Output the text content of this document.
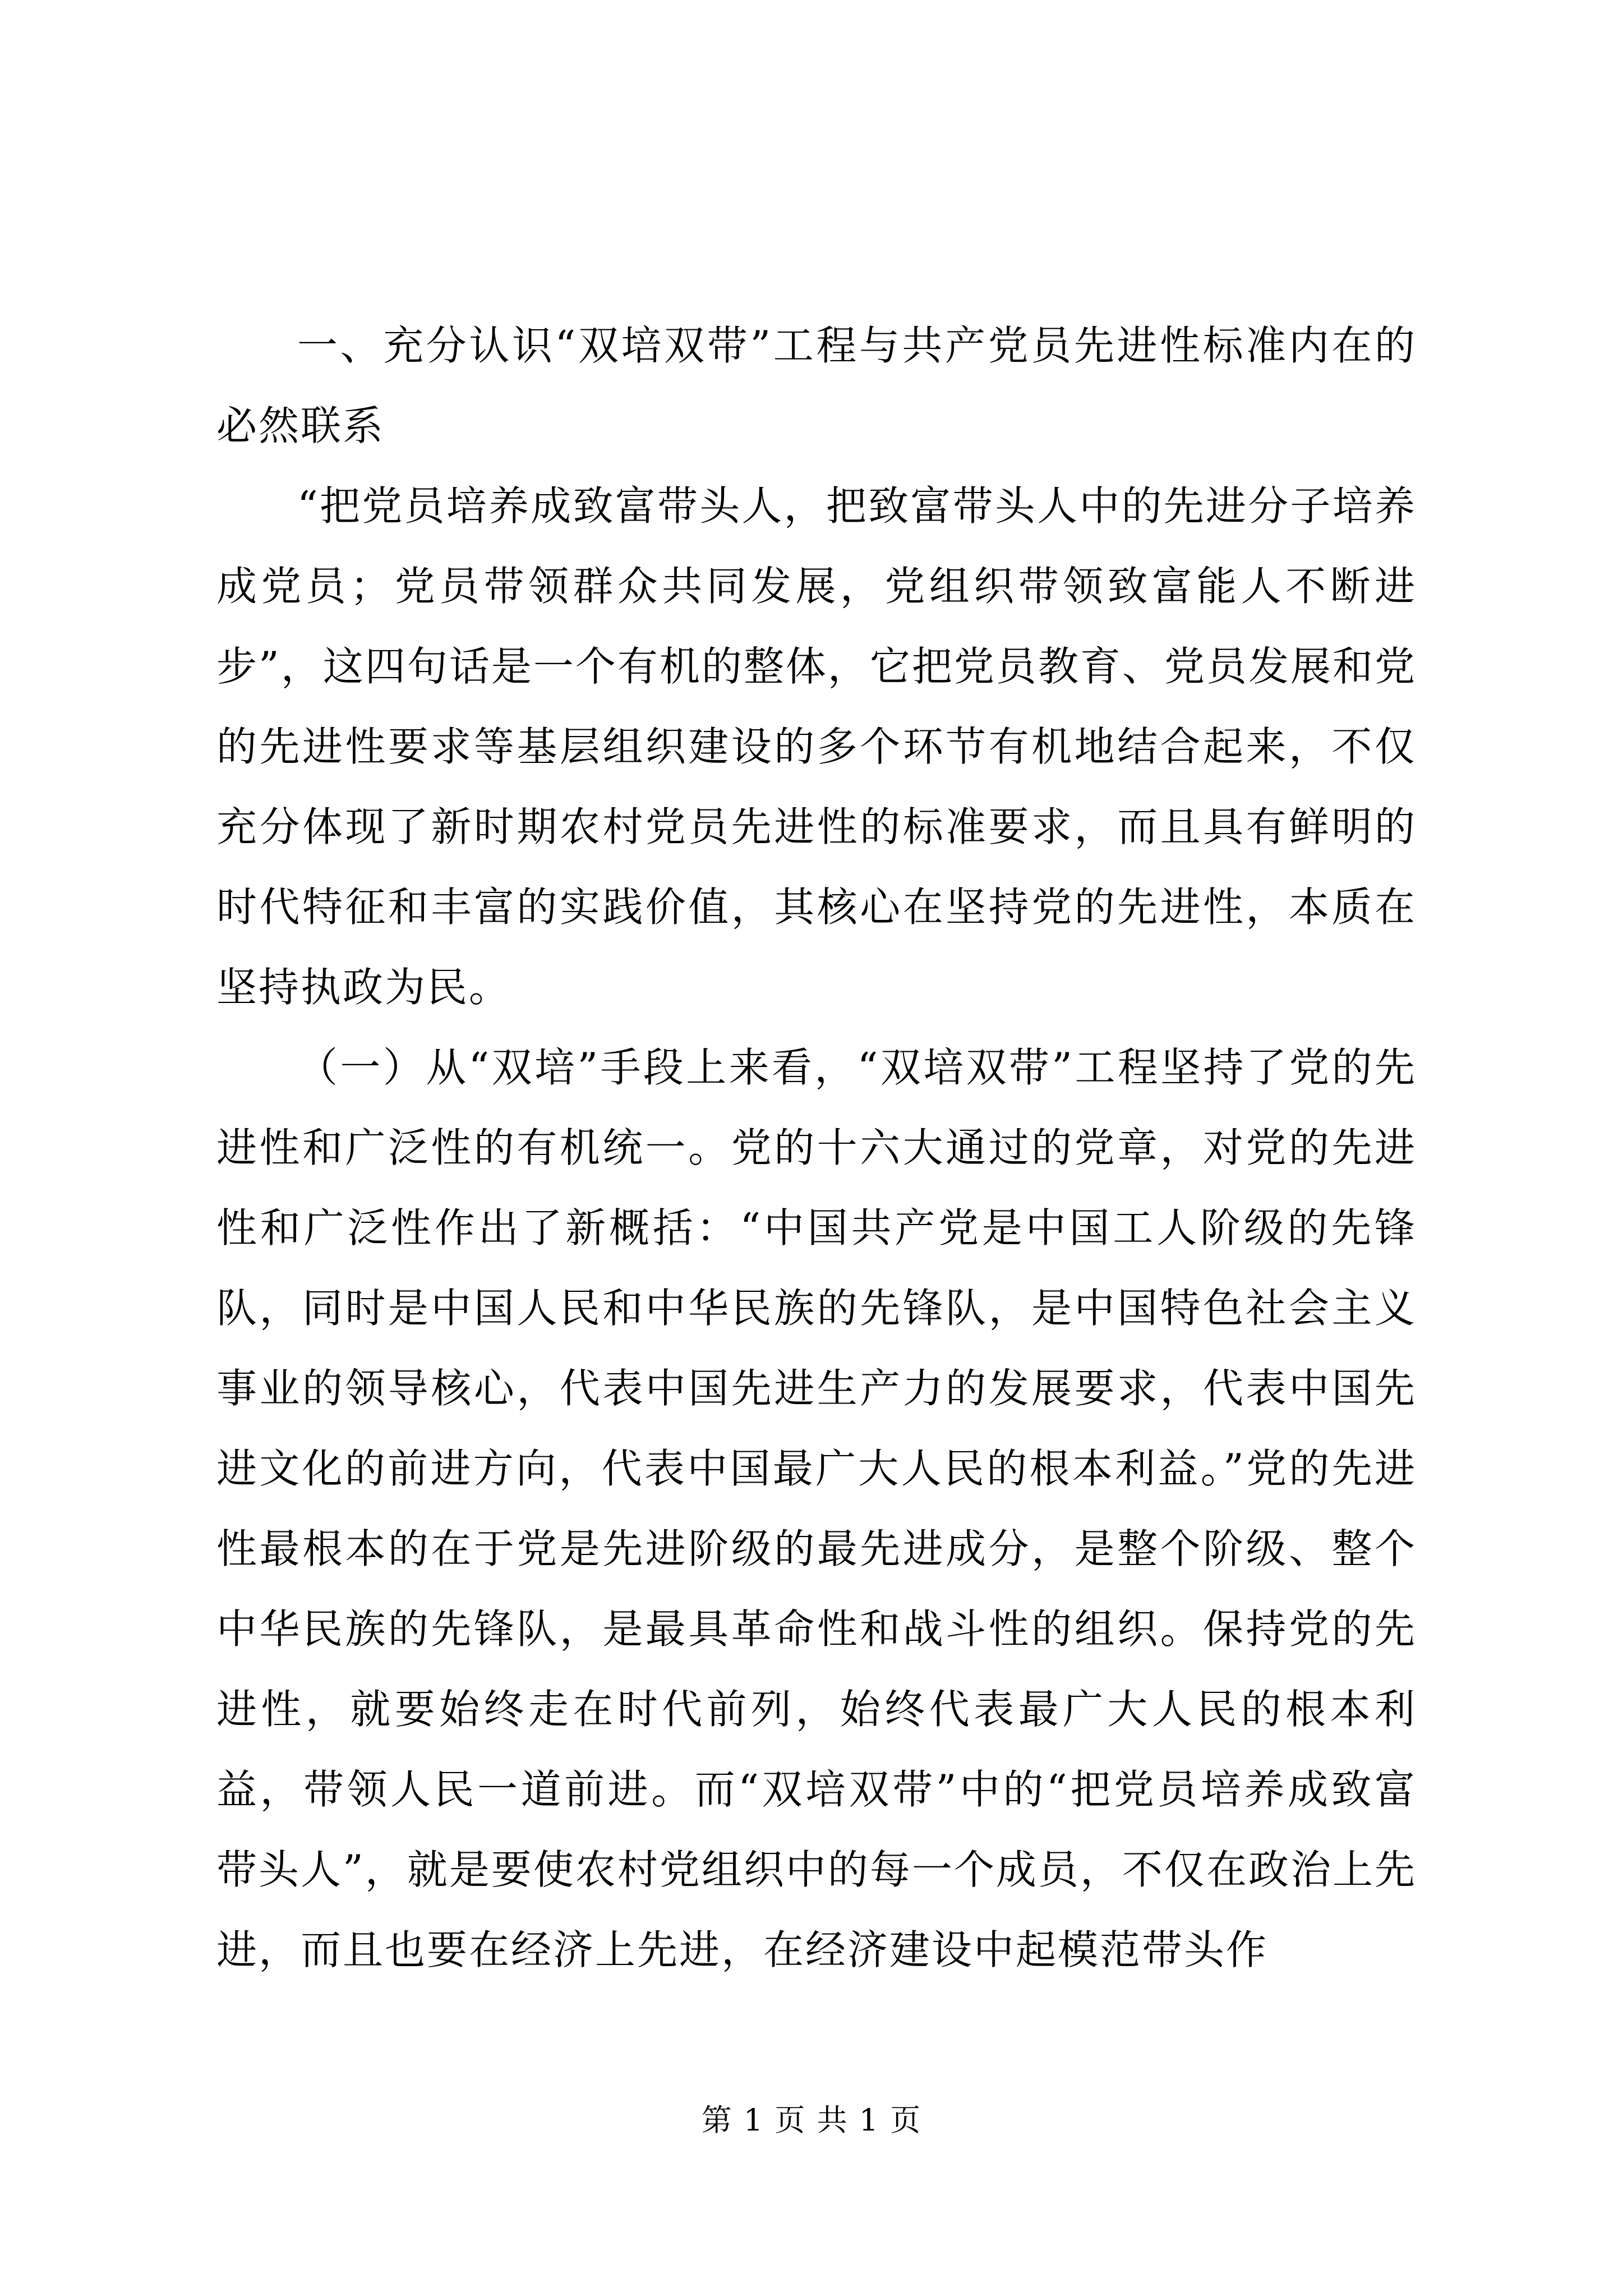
一、充分认识“双培双带”工程与共产党员先进性标准内在的必然联系

“把党员培养成致富带头人，把致富带头人中的先进分子培养成党员；党员带领群众共同发展，党组织带领致富能人不断进步”，这四句话是一个有机的整体，它把党员教育、党员发展和党的先进性要求等基层组织建设的多个环节有机地结合起来，不仅充分体现了新时期农村党员先进性的标准要求，而且具有鲜明的时代特征和丰富的实践价值，其核心在坚持党的先进性，本质在坚持执政为民。

（一）从“双培”手段上来看，“双培双带”工程坚持了党的先进性和广泛性的有机统一。党的十六大通过的党章，对党的先进性和广泛性作出了新概括：“中国共产党是中国工人阶级的先锋队，同时是中国人民和中华民族的先锋队，是中国特色社会主义事业的领导核心，代表中国先进生产力的发展要求，代表中国先进文化的前进方向，代表中国最广大人民的根本利益。”党的先进性最根本的在于党是先进阶级的最先进成分，是整个阶级、整个中华民族的先锋队，是最具革命性和战斗性的组织。保持党的先进性，就要始终走在时代前列，始终代表最广大人民的根本利益，带领人民一道前进。而“双培双带”中的“把党员培养成致富带头人”，就是要使农村党组织中的每一个成员，不仅在政治上先进，而且也要在经济上先进，在经济建设中起模范带头作

第 1 页 共 1 页
